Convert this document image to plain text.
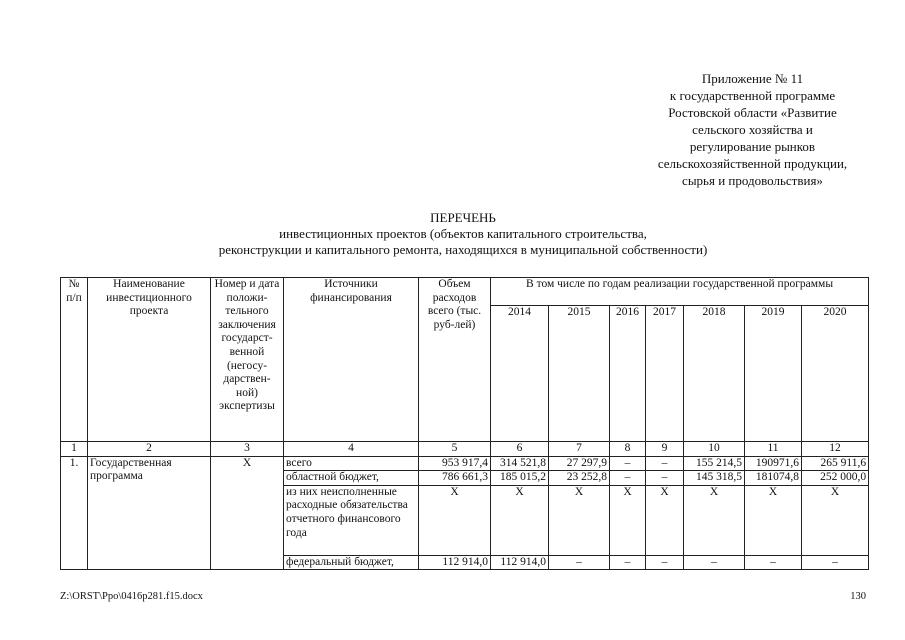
Приложение № 11
к государственной программе
Ростовской области «Развитие
сельского хозяйства и
регулирование рынков
сельскохозяйственной продукции,
сырья и продовольствия»
ПЕРЕЧЕНЬ
инвестиционных проектов (объектов капитального строительства,
реконструкции и капитального ремонта, находящихся в муниципальной собственности)
№ п/п	Наименование инвестиционного проекта	Номер и дата положи-тельного заключения государст-венной (негосу-дарствен-ной) экспертизы	Источники финансирования	Объем расходов всего (тыс. руб-лей)	В том числе по годам реализации государственной программы						
					2014	2015	2016	2017	2018	2019	2020
1	2	3	4	5	6	7	8	9	10	11	12
1.	Государственная программа	Х	всего	953 917,4	314 521,8	27 297,9	–	–	155 214,5	190971,6	265 911,6
			областной бюджет,	786 661,3	185 015,2	23 252,8	–	–	145 318,5	181074,8	252 000,0
			из них неисполненные расходные обязательства отчетного финансового года	Х	Х	Х	Х	Х	Х	Х	Х
			федеральный бюджет,	112 914,0	112 914,0	–	–	–	–	–	–
Z:\ORST\Ppo\0416p281.f15.docx	130
